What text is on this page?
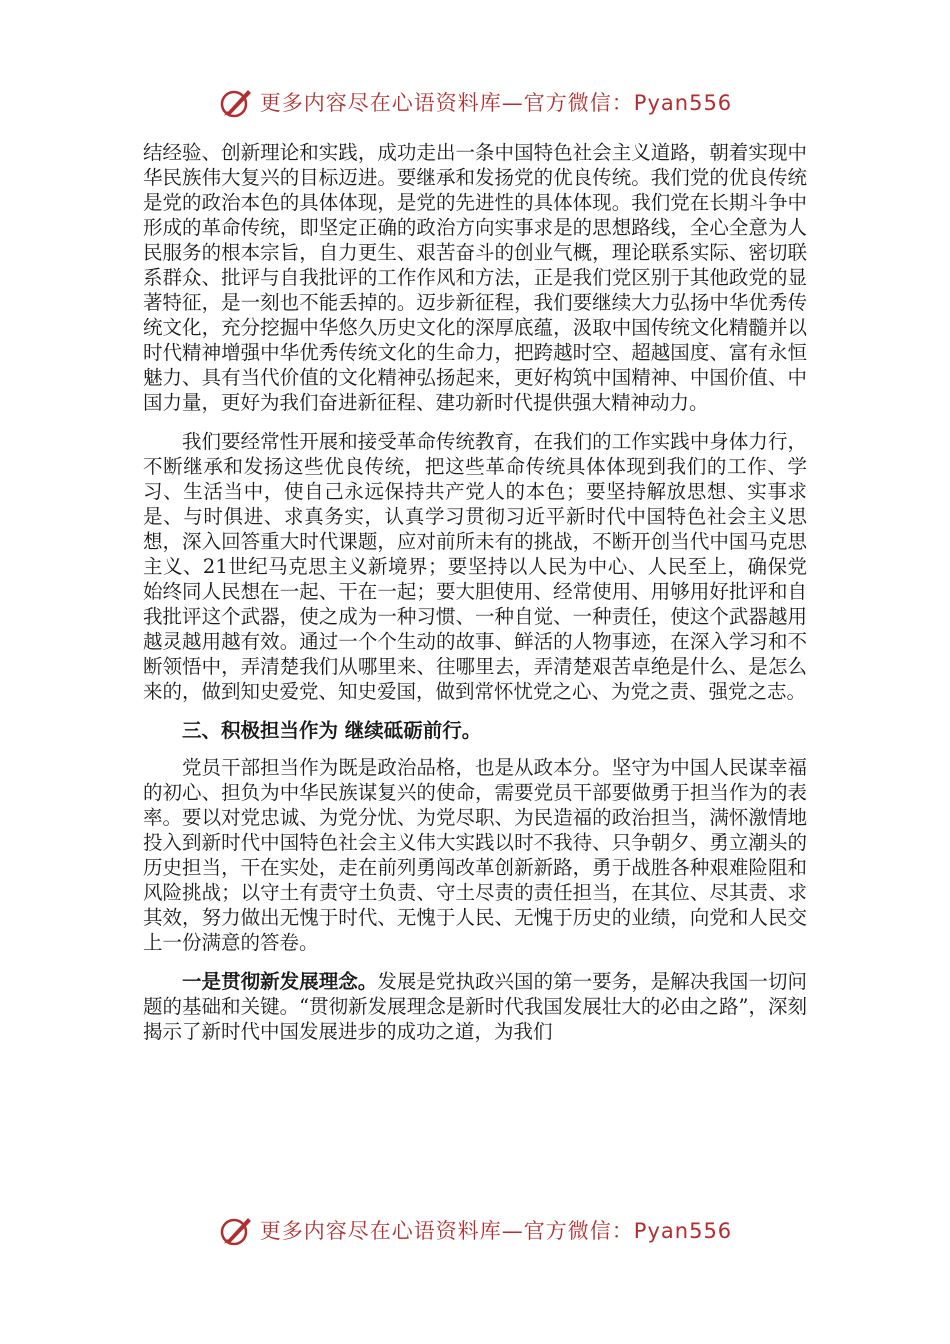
更多内容尽在心语资料库—官方微信：Pyan556

结经验、创新理论和实践，成功走出一条中国特色社会主义道路，朝着实现中华民族伟大复兴的目标迈进。要继承和发扬党的优良传统。我们党的优良传统是党的政治本色的具体体现，是党的先进性的具体体现。我们党在长期斗争中形成的革命传统，即坚定正确的政治方向实事求是的思想路线，全心全意为人民服务的根本宗旨，自力更生、艰苦奋斗的创业气概，理论联系实际、密切联系群众、批评与自我批评的工作作风和方法，正是我们党区别于其他政党的显著特征，是一刻也不能丢掉的。迈步新征程，我们要继续大力弘扬中华优秀传统文化，充分挖掘中华悠久历史文化的深厚底蕴，汲取中国传统文化精髓并以时代精神增强中华优秀传统文化的生命力，把跨越时空、超越国度、富有永恒魅力、具有当代价值的文化精神弘扬起来，更好构筑中国精神、中国价值、中国力量，更好为我们奋进新征程、建功新时代提供强大精神动力。

我们要经常性开展和接受革命传统教育，在我们的工作实践中身体力行，不断继承和发扬这些优良传统，把这些革命传统具体体现到我们的工作、学习、生活当中，使自己永远保持共产党人的本色；要坚持解放思想、实事求是、与时俱进、求真务实，认真学习贯彻习近平新时代中国特色社会主义思想，深入回答重大时代课题，应对前所未有的挑战，不断开创当代中国马克思主义、21世纪马克思主义新境界；要坚持以人民为中心、人民至上，确保党始终同人民想在一起、干在一起；要大胆使用、经常使用、用够用好批评和自我批评这个武器，使之成为一种习惯、一种自觉、一种责任，使这个武器越用越灵越用越有效。通过一个个生动的故事、鲜活的人物事迹，在深入学习和不断领悟中，弄清楚我们从哪里来、往哪里去，弄清楚艰苦卓绝是什么、是怎么来的，做到知史爱党、知史爱国，做到常怀忧党之心、为党之责、强党之志。

三、积极担当作为 继续砥砺前行。

党员干部担当作为既是政治品格，也是从政本分。坚守为中国人民谋幸福的初心、担负为中华民族谋复兴的使命，需要党员干部要做勇于担当作为的表率。要以对党忠诚、为党分忧、为党尽职、为民造福的政治担当，满怀激情地投入到新时代中国特色社会主义伟大实践以时不我待、只争朝夕、勇立潮头的历史担当，干在实处，走在前列勇闯改革创新新路，勇于战胜各种艰难险阻和风险挑战；以守土有责守土负责、守土尽责的责任担当，在其位、尽其责、求其效，努力做出无愧于时代、无愧于人民、无愧于历史的业绩，向党和人民交上一份满意的答卷。

一是贯彻新发展理念。发展是党执政兴国的第一要务，是解决我国一切问题的基础和关键。“贯彻新发展理念是新时代我国发展壮大的必由之路”，深刻揭示了新时代中国发展进步的成功之道，为我们

更多内容尽在心语资料库—官方微信：Pyan556
